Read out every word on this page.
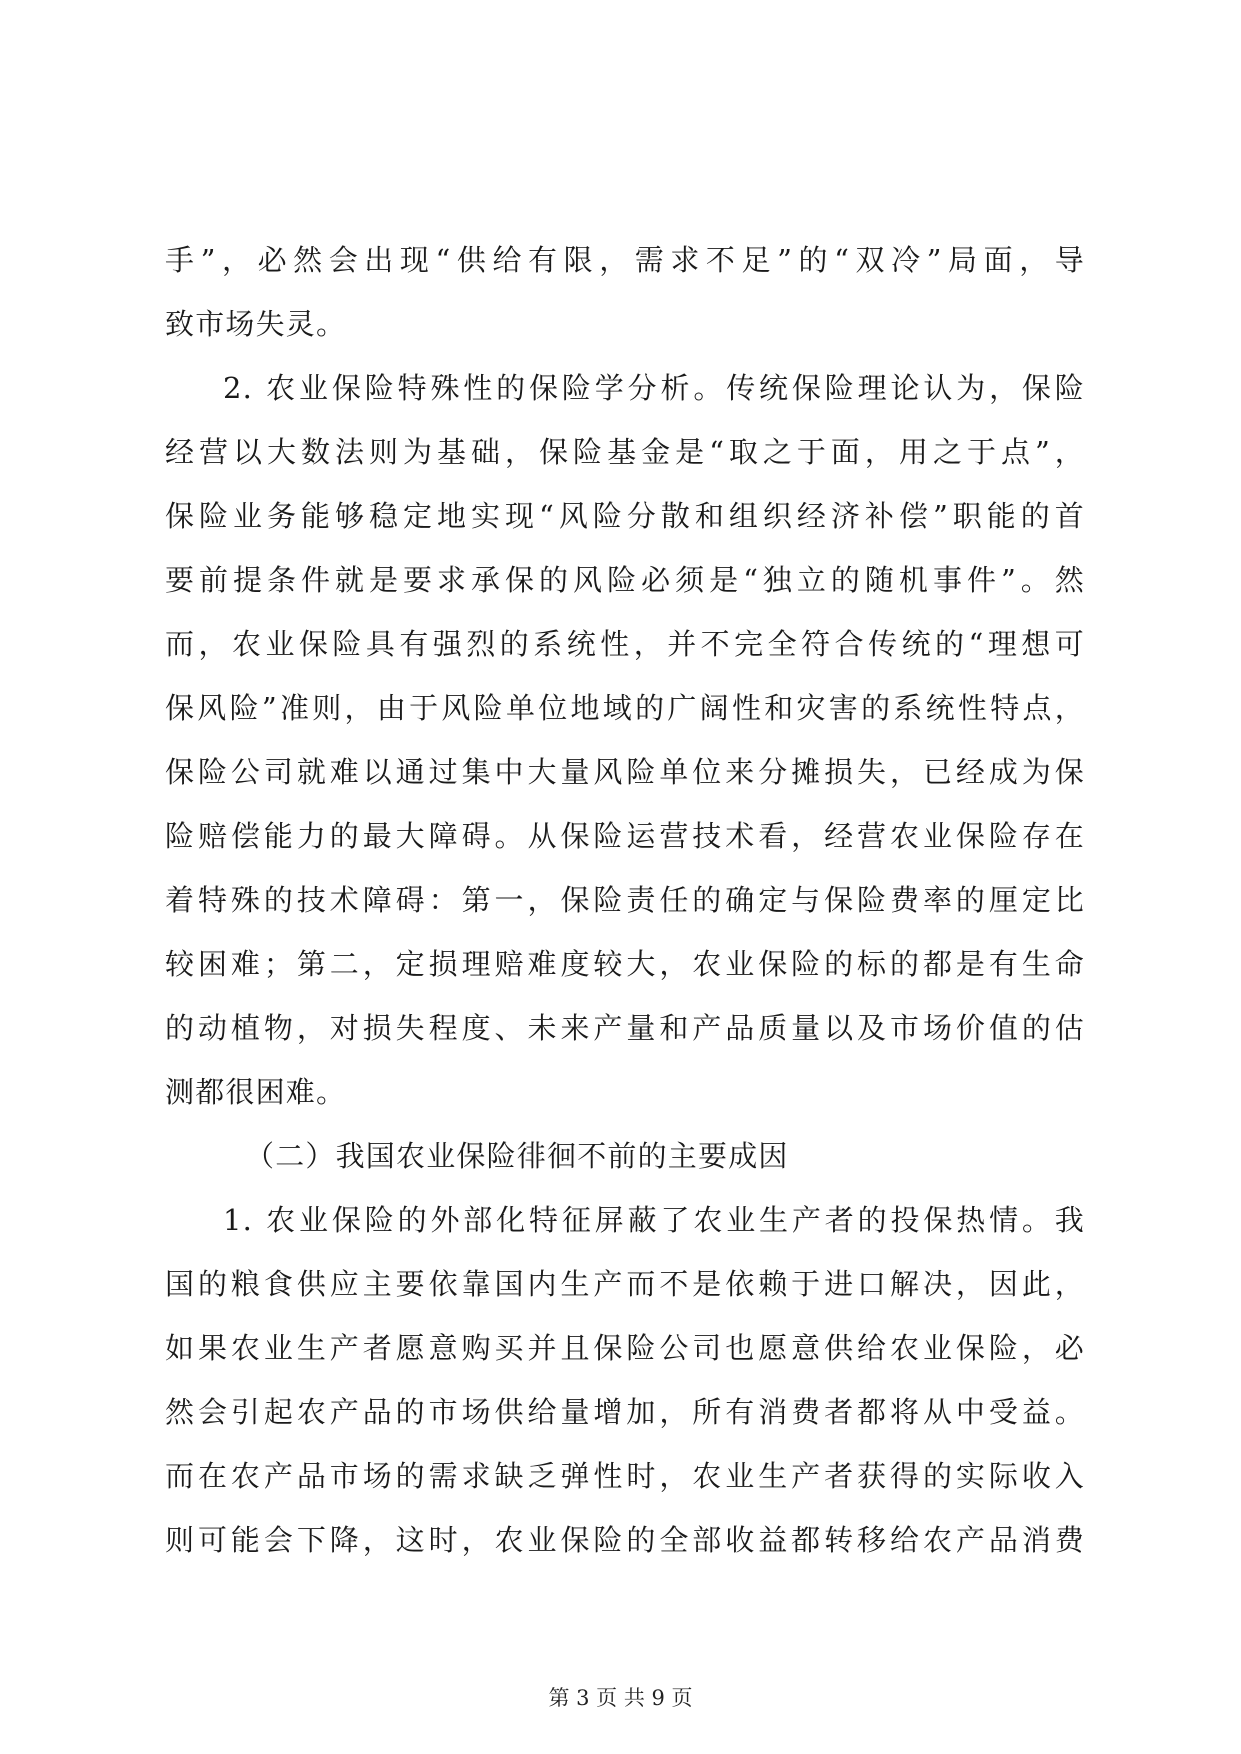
手”，必然会出现“供给有限，需求不足”的“双冷”局面，导
致市场失灵。
2. 农业保险特殊性的保险学分析。传统保险理论认为，保险
经营以大数法则为基础，保险基金是“取之于面，用之于点”，
保险业务能够稳定地实现“风险分散和组织经济补偿”职能的首
要前提条件就是要求承保的风险必须是“独立的随机事件”。然
而，农业保险具有强烈的系统性，并不完全符合传统的“理想可
保风险”准则，由于风险单位地域的广阔性和灾害的系统性特点，
保险公司就难以通过集中大量风险单位来分摊损失，已经成为保
险赔偿能力的最大障碍。从保险运营技术看，经营农业保险存在
着特殊的技术障碍：第一，保险责任的确定与保险费率的厘定比
较困难；第二，定损理赔难度较大，农业保险的标的都是有生命
的动植物，对损失程度、未来产量和产品质量以及市场价值的估
测都很困难。
（二）我国农业保险徘徊不前的主要成因
1. 农业保险的外部化特征屏蔽了农业生产者的投保热情。我
国的粮食供应主要依靠国内生产而不是依赖于进口解决，因此，
如果农业生产者愿意购买并且保险公司也愿意供给农业保险，必
然会引起农产品的市场供给量增加，所有消费者都将从中受益。
而在农产品市场的需求缺乏弹性时，农业生产者获得的实际收入
则可能会下降，这时，农业保险的全部收益都转移给农产品消费
第 3 页 共 9 页
